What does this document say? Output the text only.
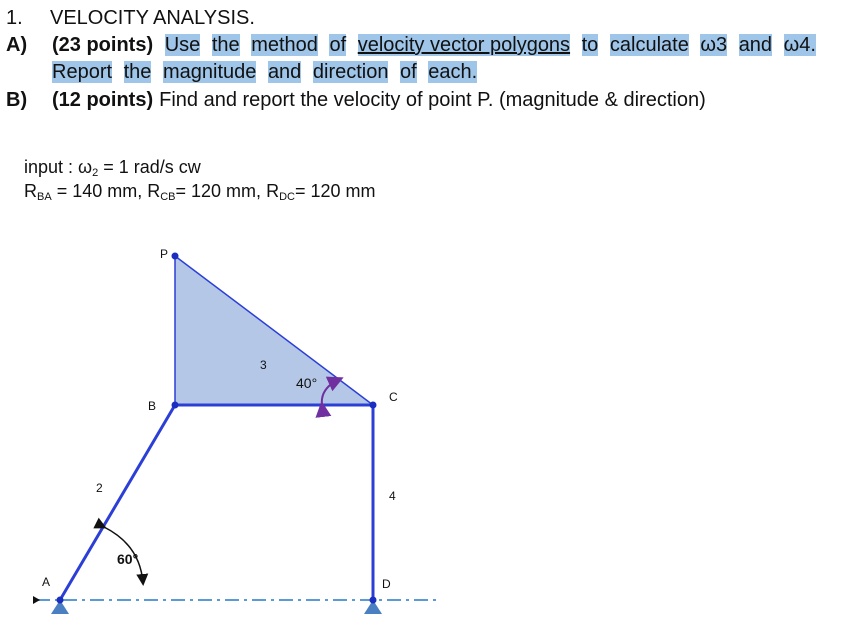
1. VELOCITY ANALYSIS.
A) (23 points) Use the method of velocity vector polygons to calculate ω3 and ω4.
Report the magnitude and direction of each.
B) (12 points) Find and report the velocity of point P. (magnitude & direction)
input : $\omega_2 = 1$ rad/s cw
$R_{BA} = 140$ mm, $R_{CB}= 120$ mm, $R_{DC}= 120$ mm
P
B
C
A	D
2
3
4
60°
40°
